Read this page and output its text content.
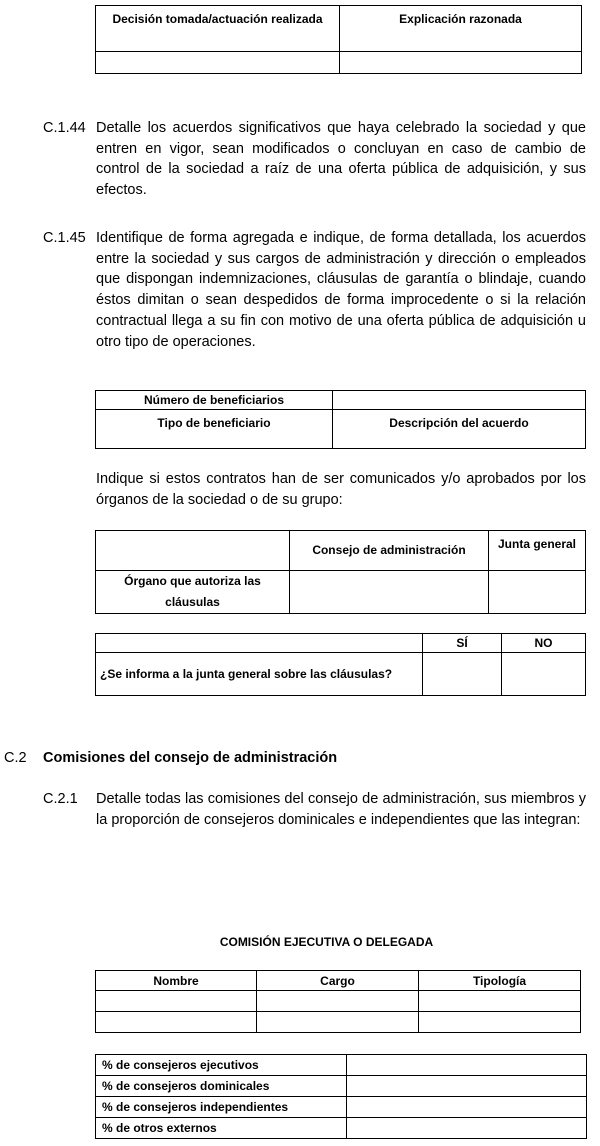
Decisión tomada/actuación realizada	Explicación razonada

C.1.44 Detalle los acuerdos significativos que haya celebrado la sociedad y que entren en vigor, sean modificados o concluyan en caso de cambio de control de la sociedad a raíz de una oferta pública de adquisición, y sus efectos.
C.1.45 Identifique de forma agregada e indique, de forma detallada, los acuerdos entre la sociedad y sus cargos de administración y dirección o empleados que dispongan indemnizaciones, cláusulas de garantía o blindaje, cuando éstos dimitan o sean despedidos de forma improcedente o si la relación contractual llega a su fin con motivo de una oferta pública de adquisición u otro tipo de operaciones.
Número de beneficiarios	
Tipo de beneficiario	Descripción del acuerdo
Indique si estos contratos han de ser comunicados y/o aprobados por los órganos de la sociedad o de su grupo:
	Consejo de administración	Junta general
Órgano que autoriza las cláusulas		
	SÍ	NO
¿Se informa a la junta general sobre las cláusulas?		
C.2 Comisiones del consejo de administración
C.2.1 Detalle todas las comisiones del consejo de administración, sus miembros y la proporción de consejeros dominicales e independientes que las integran:
COMISIÓN EJECUTIVA O DELEGADA
Nombre	Cargo	Tipología

% de consejeros ejecutivos	
% de consejeros dominicales	
% de consejeros independientes	
% de otros externos	
